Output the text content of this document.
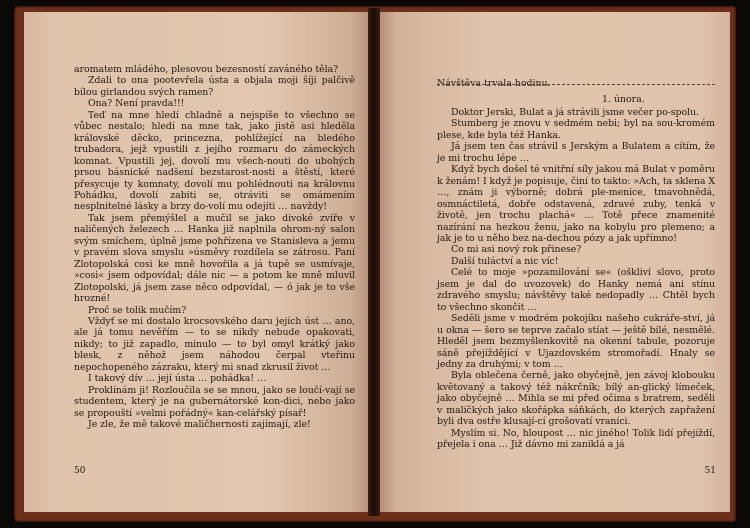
aromatem mládého, plesovou bezesností zaváného těla?

Zdali to ona pootevřela ústa a objala moji šíji palčivě bílou girlandou svých ramen?

Ona? Není pravda!!!

Teď na mne hledí chladně a nejspíše to všechno se vůbec nestalo; hledí na mne tak, jako jistě asi hleděla královské děcko, princezna, pohlížející na bledého trubadora, jejž vpustili z jejího rozmaru do zámeckých komnat. Vpustili jej, dovolí mu všech-nouti do ubohých prsou básnické nadšení bezstarost-nosti a štěstí, které přesycuje ty komnaty, dovolí mu pohlédnouti na královnu Pohádku, dovolí zabiti se, otráviti se omámením nesplnitelné lásky a brzy do-volí mu odejíti … navždy!

Tak jsem přemýšlel a mučil se jako divoké zvíře v naličených železech … Hanka již naplnila ohrom-ný salon svým smíchem, úplně jsme pohřízena ve Stanisleva a jemu v pravém slova smyslu »úsměvy rozdílela se zátrosu. Paní Zlotopolská cosi ke mně hovořila a já tupě se usmívaje, »cosi« jsem odpovídal; dále nic — a potom ke mně mluvil Zlotopolski, já jsem zase něco odpovídal, — ó jak je to vše hrozné!

Proč se tolik mučím?

Vždyť se mi dostalo krocsovského daru jejích úst … ano, ale já tomu nevěřím — to se nikdy nebude opakovati, nikdy; to již zapadlo, minulo — to byl omyl krátký jako blesk, z něhož jsem náhodou čerpal vteřinu nepochopeného zázraku, který mi snad zkrusil život …

I takový dív … její ústa … pohádka! …

Proklínám ji! Rozloučila se se mnou, jako se loučí-vají se studentem, který je na gubernátorské kon-dici, nebo jako se propouští »velmi pořádný« kan-celářský písař!

Je zle, že mě takové maličhernosti zajímají, zle!

50
Návštěva trvala hodinu.
1. února.

Doktor Jerski, Bulat a já strávili jsme večer po-spolu.

Stumberg je znovu v sedmém nebi; byl na sou-kromém plese, kde byla též Hanka.

Já jsem ten čas strávil s Jerským a Bulatem a cítím, že je mi trochu lépe …

Když bych došel té vnitřní síly jakou má Bulat v poměru k ženám! I když je popisuje, činí to takto: »Ach, ta sklena X …, znám ji výborně; dobrá ple-menice, tmavohnědá, osmnáctiletá, dobře odstavená, zdravé zuby, tenká v životě, jen trochu plachá« … Totě přece znamenité nazírání na hezkou ženu, jako na kobylu pro plemeno; a jak je to u něho bez na-dechou pózy a jak upřímno!

Co mi asi nový rok přinese?

Další tuláctví a nic víc!

Celé to moje »pozamilování se« (oškliví slovo, proto jsem je dal do uvozovek) do Hanky nemá ani stínu zdravého smyslu; návštěvy také nedopadly … Chtěl bych to všechno skončit …

Seděli jsme v modrém pokojíku našeho cukráře-ství, já u okna — šero se teprve začalo stíat — ještě bílé, nesmělé. Hleděl jsem bezmyšlenkovitě na okenní tabule, pozoruje sáně přejíždějící v Ujazdovském stromořadí. Hnaly se jedny za druhými; v tom …

Byla oblečena černě, jako obyčejně, jen závoj klobouku květovaný a takový též nákrčník; bílý an-glický límeček, jako obyčejně … Mihla se mi před očima s bratrem, seděli v malíčkých jako skořápka sáňkách, do kterých zapřažení byli dva ostře klusají-cí grošovatí vraníci.

Myslím si. No, hloupost … nic jiného! Tolik lidí přejíždí, přejela i ona … Již dávno mi zaniklá a já

51
